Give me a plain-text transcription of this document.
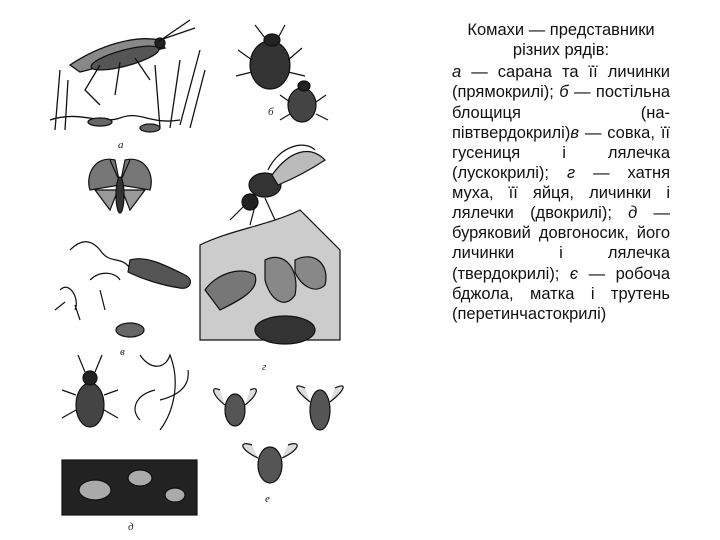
а
б
в
г
д
е
Комахи — представники різних рядів:
а — сарана та її личинки (прямокрилі); б — постільна блощиця (на-півтвердокрилі)в — совка, її гусениця і лялечка (лускокрилі); г — хатня муха, її яйця, личинки і лялечки (двокрилі); д — буряковий довгоносик, його личинки і лялечка (твердокрилі); є — робоча бджола, матка і трутень (перетинчастокрилі)
